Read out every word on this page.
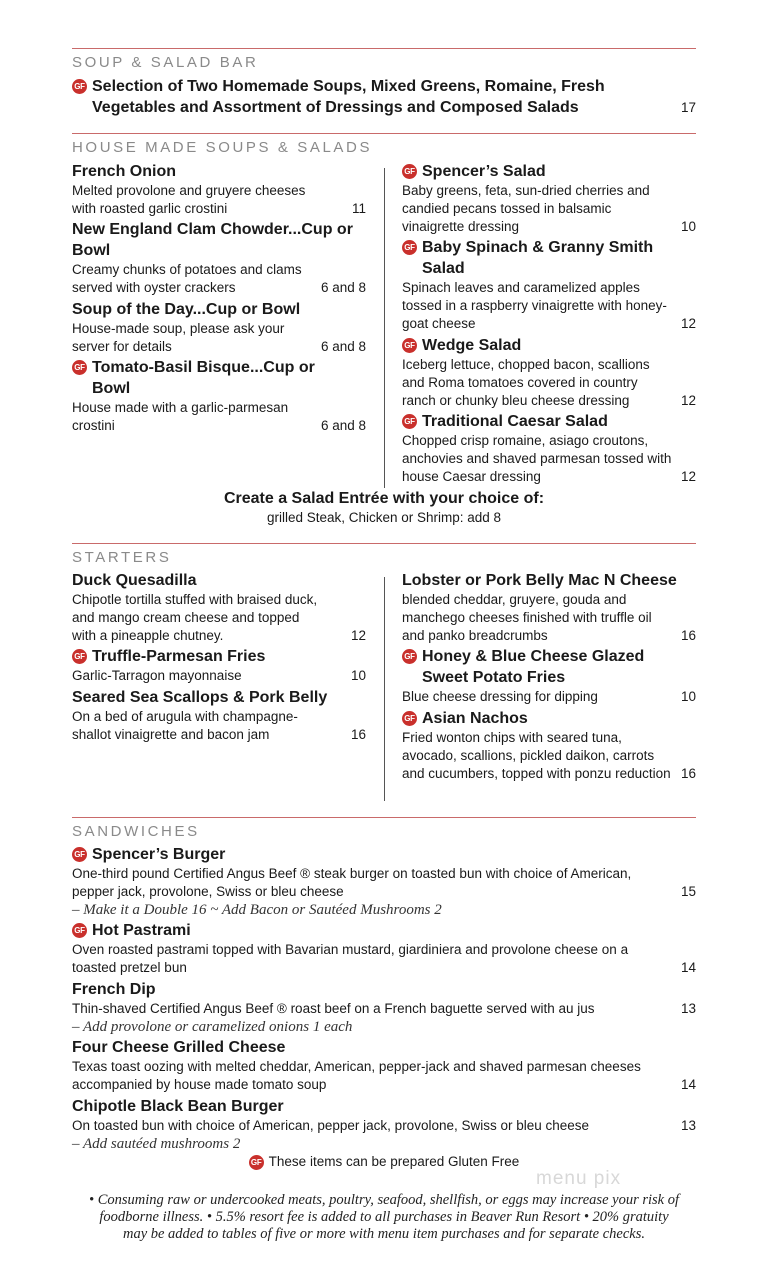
SOUP & SALAD BAR
GF Selection of Two Homemade Soups, Mixed Greens, Romaine, Fresh Vegetables and Assortment of Dressings and Composed Salads	17
HOUSE MADE SOUPS & SALADS
French Onion
Melted provolone and gruyere cheeses with roasted garlic crostini	11
New England Clam Chowder...Cup or Bowl
Creamy chunks of potatoes and clams served with oyster crackers	6 and 8
Soup of the Day...Cup or Bowl
House-made soup, please ask your server for details	6 and 8
GF Tomato-Basil Bisque...Cup or Bowl
House made with a garlic-parmesan crostini	6 and 8
GF Spencer’s Salad
Baby greens, feta, sun-dried cherries and candied pecans tossed in balsamic vinaigrette dressing	10
GF Baby Spinach & Granny Smith Salad
Spinach leaves and caramelized apples tossed in a raspberry vinaigrette with honey-goat cheese	12
GF Wedge Salad
Iceberg lettuce, chopped bacon, scallions and Roma tomatoes covered in country ranch or chunky bleu cheese dressing	12
GF Traditional Caesar Salad
Chopped crisp romaine, asiago croutons, anchovies and shaved parmesan tossed with house Caesar dressing	12
Create a Salad Entrée with your choice of:
grilled Steak, Chicken or Shrimp: add 8
STARTERS
Duck Quesadilla
Chipotle tortilla stuffed with braised duck, and mango cream cheese and topped with a pineapple chutney.	12
GF Truffle-Parmesan Fries
Garlic-Tarragon mayonnaise	10
Seared Sea Scallops & Pork Belly
On a bed of arugula with champagne-shallot vinaigrette and bacon jam	16
Lobster or Pork Belly Mac N Cheese
blended cheddar, gruyere, gouda and manchego cheeses finished with truffle oil and panko breadcrumbs	16
GF Honey & Blue Cheese Glazed Sweet Potato Fries
Blue cheese dressing for dipping	10
GF Asian Nachos
Fried wonton chips with seared tuna, avocado, scallions, pickled daikon, carrots and cucumbers, topped with ponzu reduction 16
SANDWICHES
GF Spencer’s Burger
One-third pound Certified Angus Beef ® steak burger on toasted bun with choice of American, pepper jack, provolone, Swiss or bleu cheese	15
– Make it a Double 16 ~ Add Bacon or Sautéed Mushrooms 2
GF Hot Pastrami
Oven roasted pastrami topped with Bavarian mustard, giardiniera and provolone cheese on a toasted pretzel bun	14
French Dip
Thin-shaved Certified Angus Beef ® roast beef on a French baguette served with au jus	13
– Add provolone or caramelized onions 1 each
Four Cheese Grilled Cheese
Texas toast oozing with melted cheddar, American, pepper-jack and shaved parmesan cheeses accompanied by house made tomato soup	14
Chipotle Black Bean Burger
On toasted bun with choice of American, pepper jack, provolone, Swiss or bleu cheese	13
– Add sautéed mushrooms 2
GF These items can be prepared Gluten Free
menu pix
• Consuming raw or undercooked meats, poultry, seafood, shellfish, or eggs may increase your risk of foodborne illness. • 5.5% resort fee is added to all purchases in Beaver Run Resort • 20% gratuity may be added to tables of five or more with menu item purchases and for separate checks.
